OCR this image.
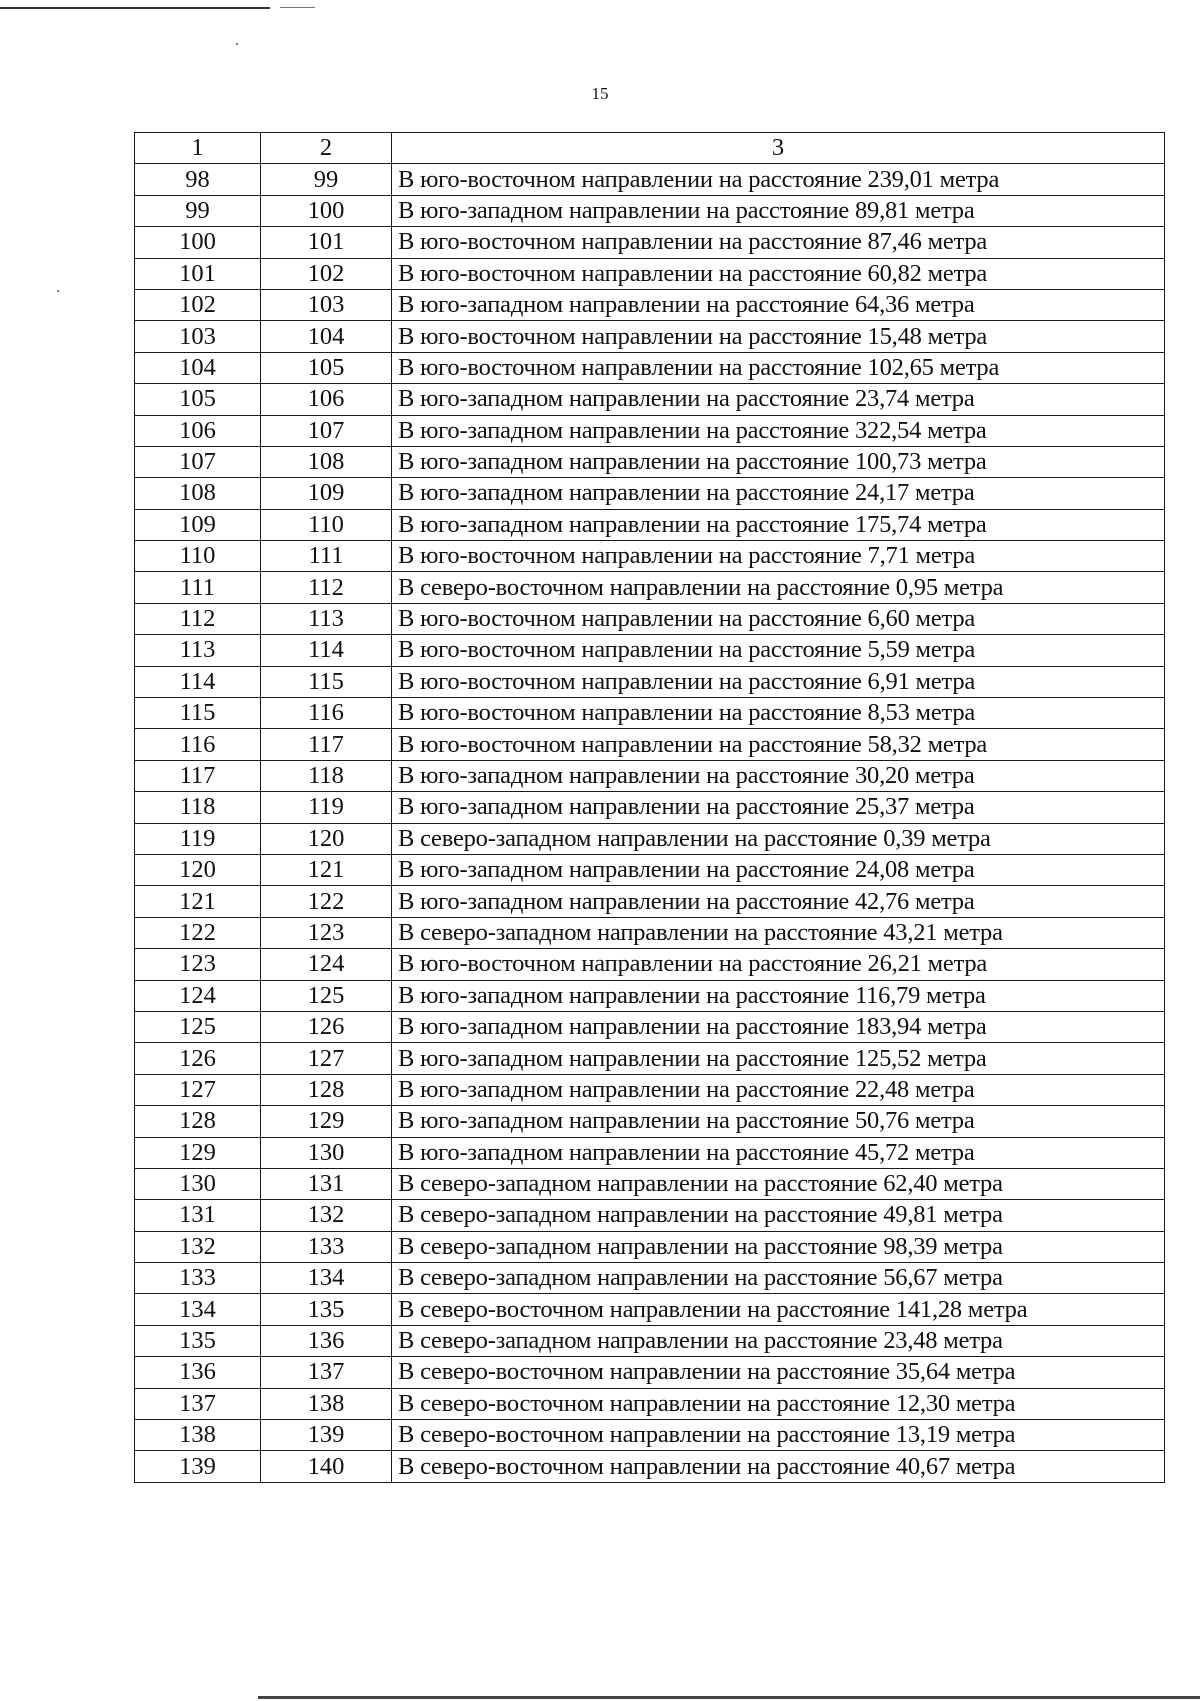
15
1	2	3
98	99	В юго-восточном направлении на расстояние 239,01 метра
99	100	В юго-западном направлении на расстояние 89,81 метра
100	101	В юго-восточном направлении на расстояние 87,46 метра
101	102	В юго-восточном направлении на расстояние 60,82 метра
102	103	В юго-западном направлении на расстояние 64,36 метра
103	104	В юго-восточном направлении на расстояние 15,48 метра
104	105	В юго-восточном направлении на расстояние 102,65 метра
105	106	В юго-западном направлении на расстояние 23,74 метра
106	107	В юго-западном направлении на расстояние 322,54 метра
107	108	В юго-западном направлении на расстояние 100,73 метра
108	109	В юго-западном направлении на расстояние 24,17 метра
109	110	В юго-западном направлении на расстояние 175,74 метра
110	111	В юго-восточном направлении на расстояние 7,71 метра
111	112	В северо-восточном направлении на расстояние 0,95 метра
112	113	В юго-восточном направлении на расстояние 6,60 метра
113	114	В юго-восточном направлении на расстояние 5,59 метра
114	115	В юго-восточном направлении на расстояние 6,91 метра
115	116	В юго-восточном направлении на расстояние 8,53 метра
116	117	В юго-восточном направлении на расстояние 58,32 метра
117	118	В юго-западном направлении на расстояние 30,20 метра
118	119	В юго-западном направлении на расстояние 25,37 метра
119	120	В северо-западном направлении на расстояние 0,39 метра
120	121	В юго-западном направлении на расстояние 24,08 метра
121	122	В юго-западном направлении на расстояние 42,76 метра
122	123	В северо-западном направлении на расстояние 43,21 метра
123	124	В юго-восточном направлении на расстояние 26,21 метра
124	125	В юго-западном направлении на расстояние 116,79 метра
125	126	В юго-западном направлении на расстояние 183,94 метра
126	127	В юго-западном направлении на расстояние 125,52 метра
127	128	В юго-западном направлении на расстояние 22,48 метра
128	129	В юго-западном направлении на расстояние 50,76 метра
129	130	В юго-западном направлении на расстояние 45,72 метра
130	131	В северо-западном направлении на расстояние 62,40 метра
131	132	В северо-западном направлении на расстояние 49,81 метра
132	133	В северо-западном направлении на расстояние 98,39 метра
133	134	В северо-западном направлении на расстояние 56,67 метра
134	135	В северо-восточном направлении на расстояние 141,28 метра
135	136	В северо-западном направлении на расстояние 23,48 метра
136	137	В северо-восточном направлении на расстояние 35,64 метра
137	138	В северо-восточном направлении на расстояние 12,30 метра
138	139	В северо-восточном направлении на расстояние 13,19 метра
139	140	В северо-восточном направлении на расстояние 40,67 метра
